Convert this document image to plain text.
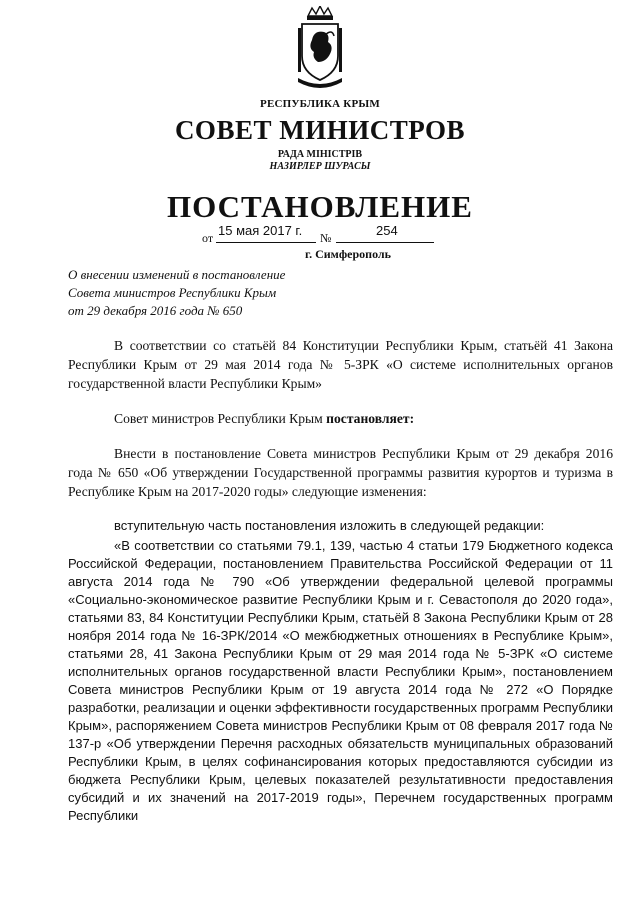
РЕСПУБЛИКА КРЫМ
СОВЕТ МИНИСТРОВ
РАДА МІНІСТРІВ
НАЗИРЛЕР ШУРАСЫ
ПОСТАНОВЛЕНИЕ
от 15 мая 2017 г. №	254
г. Симферополь
О внесении изменений в постановление
Совета министров Республики Крым
от 29 декабря 2016 года № 650

В соответствии со статьёй 84 Конституции Республики Крым, статьёй 41 Закона Республики Крым от 29 мая 2014 года № 5-ЗРК «О системе исполнительных органов государственной власти Республики Крым»

Совет министров Республики Крым постановляет:

Внести в постановление Совета министров Республики Крым от 29 декабря 2016 года № 650 «Об утверждении Государственной программы развития курортов и туризма в Республике Крым на 2017-2020 годы» следующие изменения:

вступительную часть постановления изложить в следующей редакции:

«В соответствии со статьями 79.1, 139, частью 4 статьи 179 Бюджетного кодекса Российской Федерации, постановлением Правительства Российской Федерации от 11 августа 2014 года № 790 «Об утверждении федеральной целевой программы «Социально-экономическое развитие Республики Крым и г. Севастополя до 2020 года», статьями 83, 84 Конституции Республики Крым, статьёй 8 Закона Республики Крым от 28 ноября 2014 года № 16-ЗРК/2014 «О межбюджетных отношениях в Республике Крым», статьями 28, 41 Закона Республики Крым от 29 мая 2014 года № 5-ЗРК «О системе исполнительных органов государственной власти Республики Крым», постановлением Совета министров Республики Крым от 19 августа 2014 года № 272 «О Порядке разработки, реализации и оценки эффективности государственных программ Республики Крым», распоряжением Совета министров Республики Крым от 08 февраля 2017 года № 137-р «Об утверждении Перечня расходных обязательств муниципальных образований Республики Крым, в целях софинансирования которых предоставляются субсидии из бюджета Республики Крым, целевых показателей результативности предоставления субсидий и их значений на 2017-2019 годы», Перечнем государственных программ Республики
